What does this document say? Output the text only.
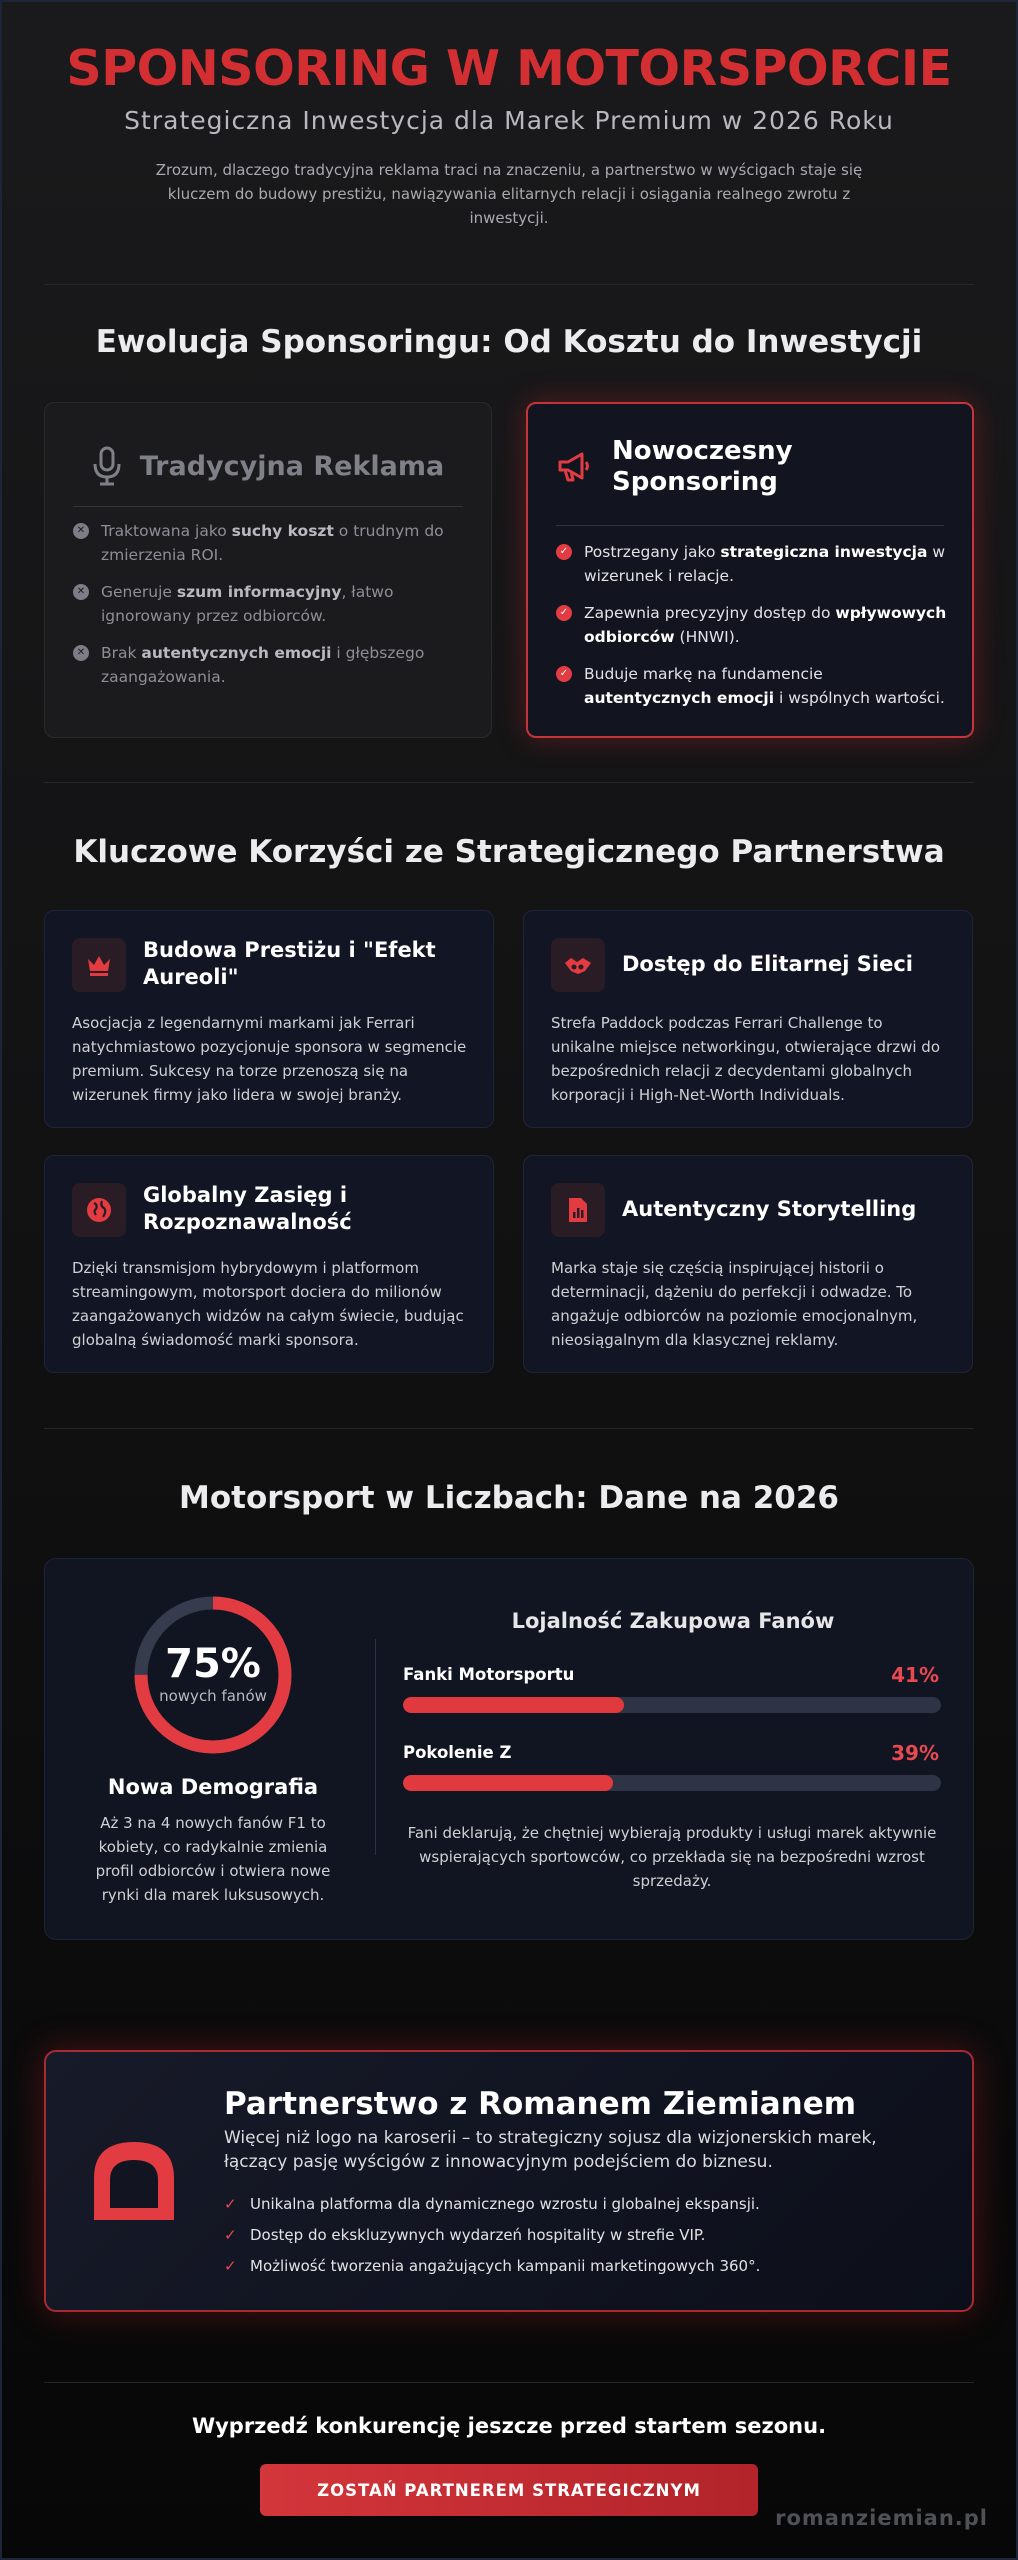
SPONSORING W MOTORSPORCIE
Strategiczna Inwestycja dla Marek Premium w 2026 Roku

Zrozum, dlaczego tradycyjna reklama traci na znaczeniu, a partnerstwo w wyścigach staje się kluczem do budowy prestiżu, nawiązywania elitarnych relacji i osiągania realnego zwrotu z inwestycji.

Ewolucja Sponsoringu: Od Kosztu do Inwestycji
Tradycyjna Reklama
✕ Traktowana jako suchy koszt o trudnym do zmierzenia ROI.
✕ Generuje szum informacyjny, łatwo ignorowany przez odbiorców.
✕ Brak autentycznych emocji i głębszego zaangażowania.
Nowoczesny Sponsoring
✓ Postrzegany jako strategiczna inwestycja w wizerunek i relacje.
✓ Zapewnia precyzyjny dostęp do wpływowych odbiorców (HNWI).
✓ Buduje markę na fundamencie autentycznych emocji i wspólnych wartości.
Kluczowe Korzyści ze Strategicznego Partnerstwa
Budowa Prestiżu i "Efekt Aureoli"
Asocjacja z legendarnymi markami jak Ferrari natychmiastowo pozycjonuje sponsora w segmencie premium. Sukcesy na torze przenoszą się na wizerunek firmy jako lidera w swojej branży.
Dostęp do Elitarnej Sieci
Strefa Paddock podczas Ferrari Challenge to unikalne miejsce networkingu, otwierające drzwi do bezpośrednich relacji z decydentami globalnych korporacji i High-Net-Worth Individuals.
Globalny Zasięg i Rozpoznawalność
Dzięki transmisjom hybrydowym i platformom streamingowym, motorsport dociera do milionów zaangażowanych widzów na całym świecie, budując globalną świadomość marki sponsora.
Autentyczny Storytelling
Marka staje się częścią inspirującej historii o determinacji, dążeniu do perfekcji i odwadze. To angażuje odbiorców na poziomie emocjonalnym, nieosiągalnym dla klasycznej reklamy.
Motorsport w Liczbach: Dane na 2026
75%
nowych fanów
Nowa Demografia
Aż 3 na 4 nowych fanów F1 to kobiety, co radykalnie zmienia profil odbiorców i otwiera nowe rynki dla marek luksusowych.
Lojalność Zakupowa Fanów
Fanki Motorsportu	41%
Pokolenie Z	39%
Fani deklarują, że chętniej wybierają produkty i usługi marek aktywnie wspierających sportowców, co przekłada się na bezpośredni wzrost sprzedaży.
Partnerstwo z Romanem Ziemianem
Więcej niż logo na karoserii – to strategiczny sojusz dla wizjonerskich marek, łączący pasję wyścigów z innowacyjnym podejściem do biznesu.
✓ Unikalna platforma dla dynamicznego wzrostu i globalnej ekspansji.
✓ Dostęp do ekskluzywnych wydarzeń hospitality w strefie VIP.
✓ Możliwość tworzenia angażujących kampanii marketingowych 360°.
Wyprzedź konkurencję jeszcze przed startem sezonu.
ZOSTAŃ PARTNEREM STRATEGICZNYM
romanziemian.pl
